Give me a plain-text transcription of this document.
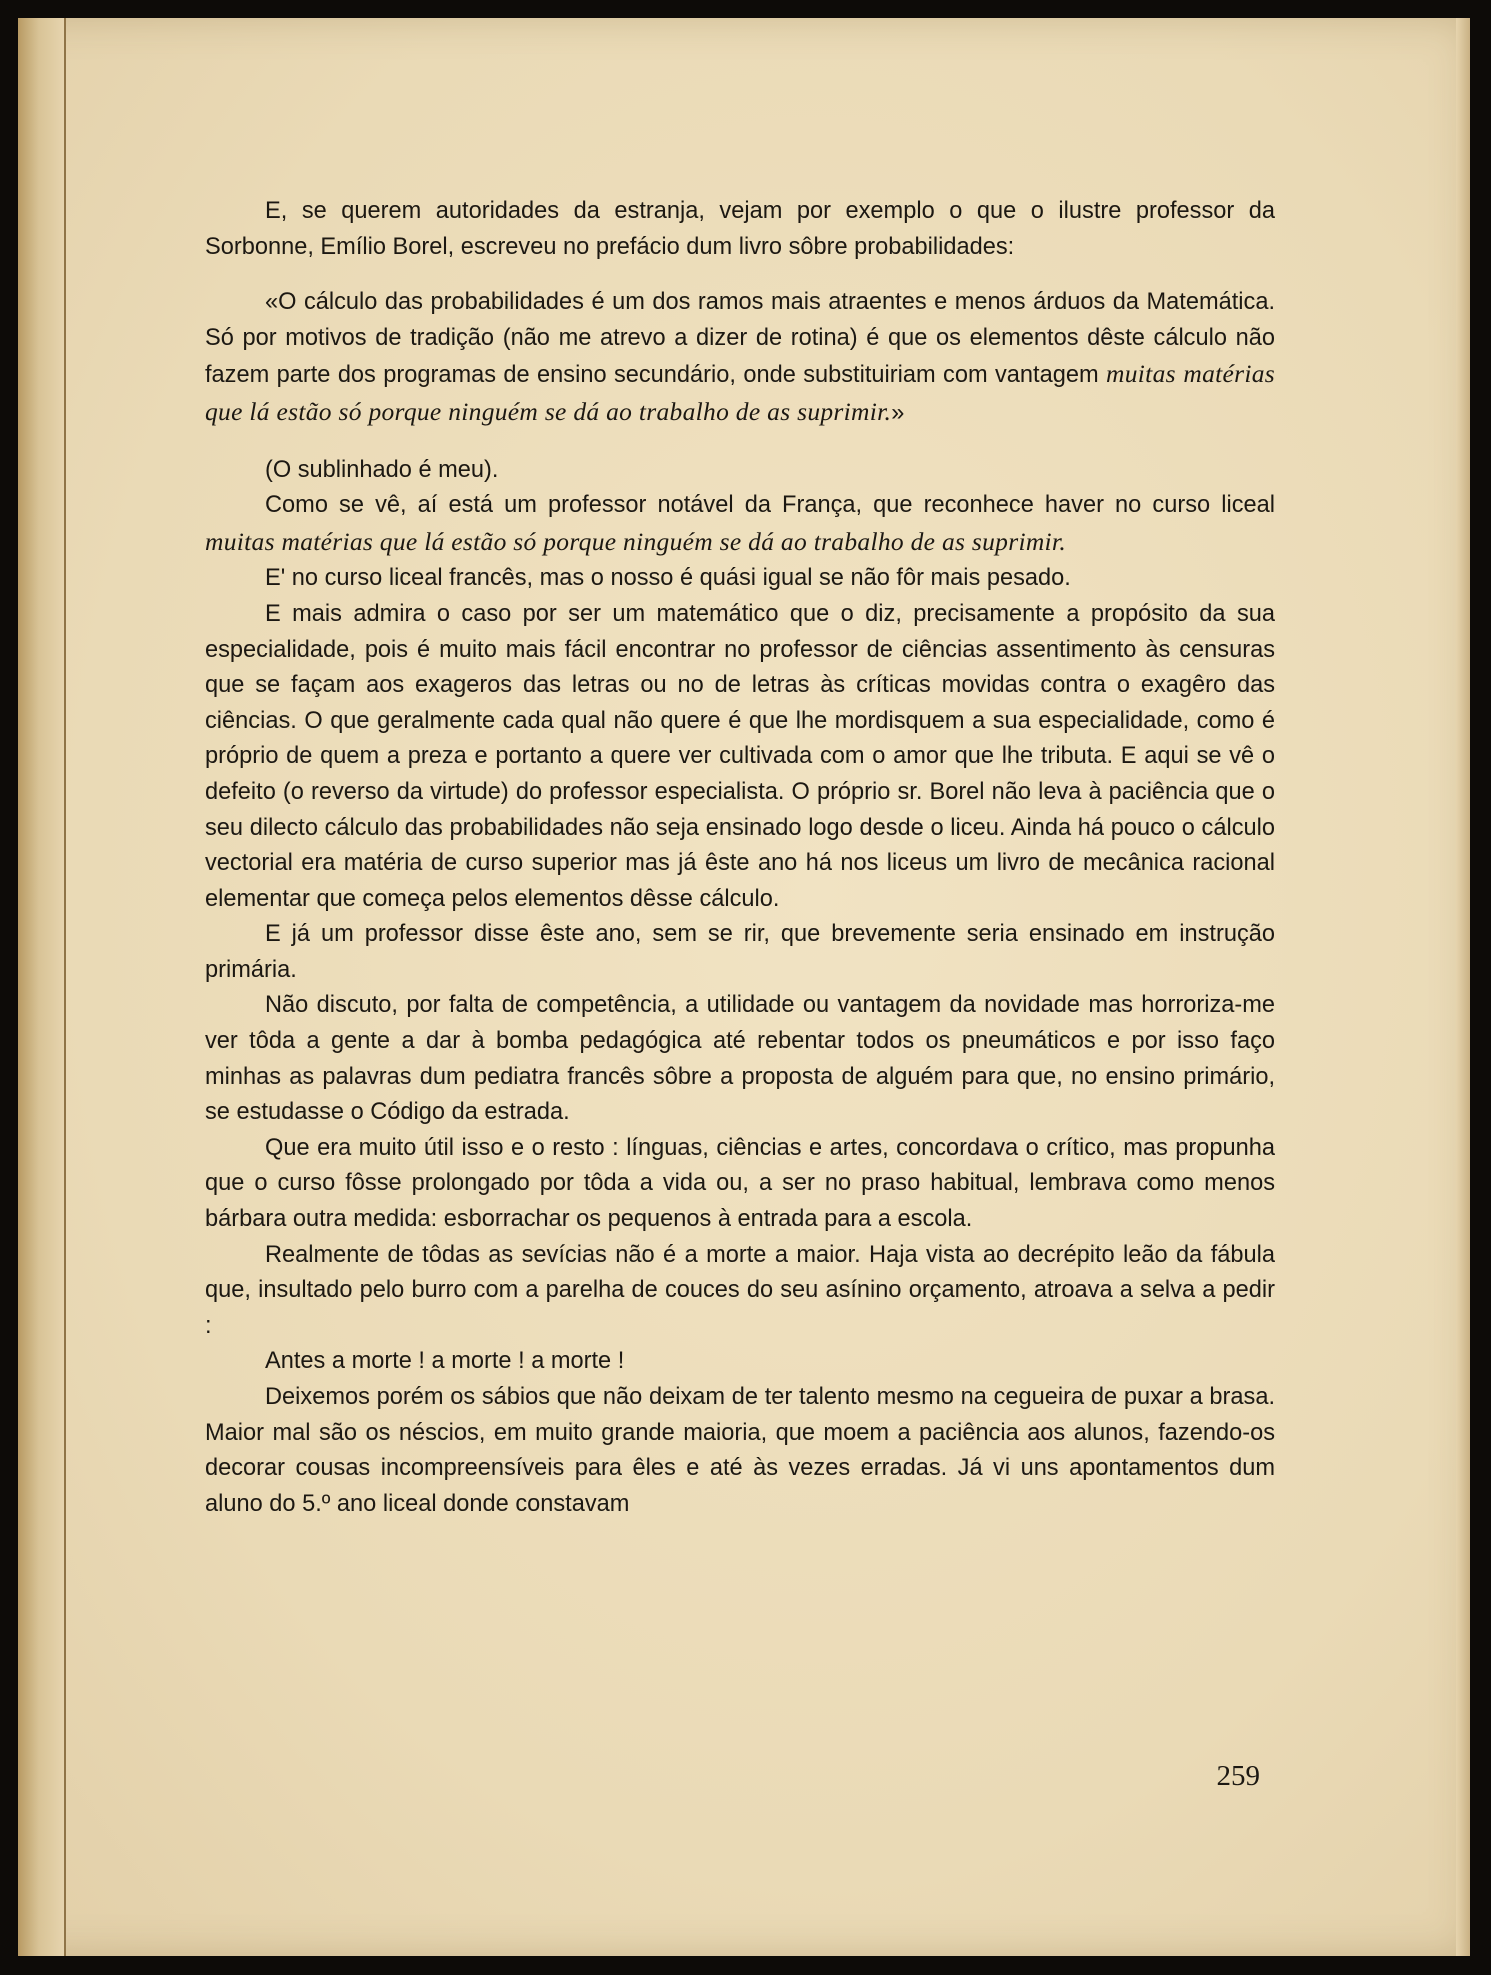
E, se querem autoridades da estranja, vejam por exemplo o que o ilustre professor da Sorbonne, Emílio Borel, escreveu no prefácio dum livro sôbre probabilidades:

«O cálculo das probabilidades é um dos ramos mais atraentes e menos árduos da Matemática. Só por motivos de tradição (não me atrevo a dizer de rotina) é que os elementos dêste cálculo não fazem parte dos programas de ensino secundário, onde substituiriam com vantagem muitas matérias que lá estão só porque ninguém se dá ao trabalho de as suprimir.»

(O sublinhado é meu).

Como se vê, aí está um professor notável da França, que reconhece haver no curso liceal muitas matérias que lá estão só porque ninguém se dá ao trabalho de as suprimir.

E' no curso liceal francês, mas o nosso é quási igual se não fôr mais pesado.

E mais admira o caso por ser um matemático que o diz, precisamente a propósito da sua especialidade, pois é muito mais fácil encontrar no professor de ciências assentimento às censuras que se façam aos exageros das letras ou no de letras às críticas movidas contra o exagêro das ciências. O que geralmente cada qual não quere é que lhe mordisquem a sua especialidade, como é próprio de quem a preza e portanto a quere ver cultivada com o amor que lhe tributa. E aqui se vê o defeito (o reverso da virtude) do professor especialista. O próprio sr. Borel não leva à paciência que o seu dilecto cálculo das probabilidades não seja ensinado logo desde o liceu. Ainda há pouco o cálculo vectorial era matéria de curso superior mas já êste ano há nos liceus um livro de mecânica racional elementar que começa pelos elementos dêsse cálculo.

E já um professor disse êste ano, sem se rir, que brevemente seria ensinado em instrução primária.

Não discuto, por falta de competência, a utilidade ou vantagem da novidade mas horroriza-me ver tôda a gente a dar à bomba pedagógica até rebentar todos os pneumáticos e por isso faço minhas as palavras dum pediatra francês sôbre a proposta de alguém para que, no ensino primário, se estudasse o Código da estrada.

Que era muito útil isso e o resto : línguas, ciências e artes, concordava o crítico, mas propunha que o curso fôsse prolongado por tôda a vida ou, a ser no praso habitual, lembrava como menos bárbara outra medida: esborrachar os pequenos à entrada para a escola.

Realmente de tôdas as sevícias não é a morte a maior. Haja vista ao decrépito leão da fábula que, insultado pelo burro com a parelha de couces do seu asínino orçamento, atroava a selva a pedir :

Antes a morte ! a morte ! a morte !

Deixemos porém os sábios que não deixam de ter talento mesmo na cegueira de puxar a brasa. Maior mal são os néscios, em muito grande maioria, que moem a paciência aos alunos, fazendo-os decorar cousas incompreensíveis para êles e até às vezes erradas. Já vi uns apontamentos dum aluno do 5.º ano liceal donde constavam

259
